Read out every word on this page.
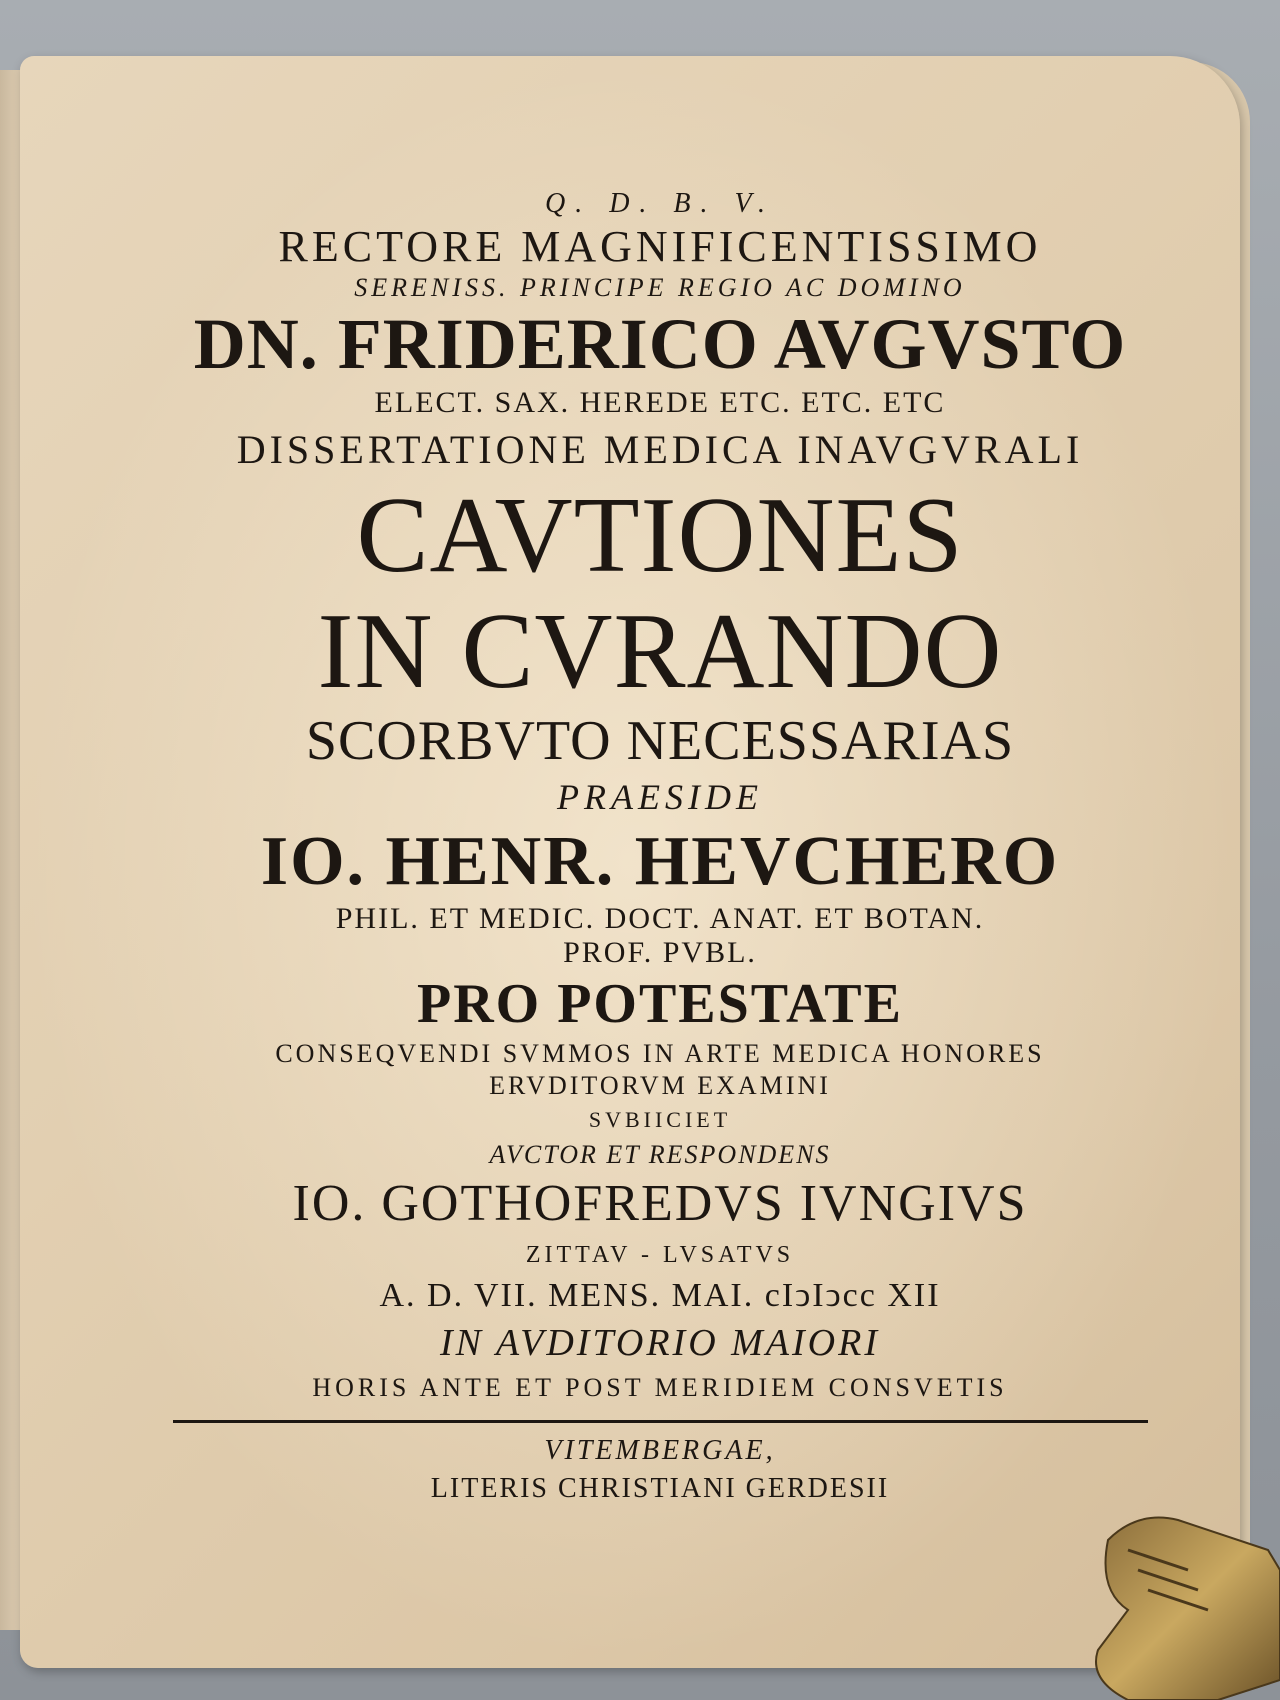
Q. D. B. V.
RECTORE MAGNIFICENTISSIMO
SERENISS. PRINCIPE REGIO AC DOMINO
DN. FRIDERICO AVGVSTO
ELECT. SAX. HEREDE ETC. ETC. ETC
DISSERTATIONE MEDICA INAVGVRALI
CAVTIONES
IN CVRANDO
SCORBVTO NECESSARIAS
PRAESIDE
IO. HENR. HEVCHERO
PHIL. ET MEDIC. DOCT. ANAT. ET BOTAN.
PROF. PVBL.
PRO POTESTATE
CONSEQVENDI SVMMOS IN ARTE MEDICA HONORES
ERVDITORVM EXAMINI
SVBIICIET
AVCTOR ET RESPONDENS
IO. GOTHOFREDVS IVNGIVS
ZITTAV - LVSATVS
A. D. VII. MENS. MAI. cIↄIↄcc XII
IN AVDITORIO MAIORI
HORIS ANTE ET POST MERIDIEM CONSVETIS
VITEMBERGAE,
LITERIS CHRISTIANI GERDESII
